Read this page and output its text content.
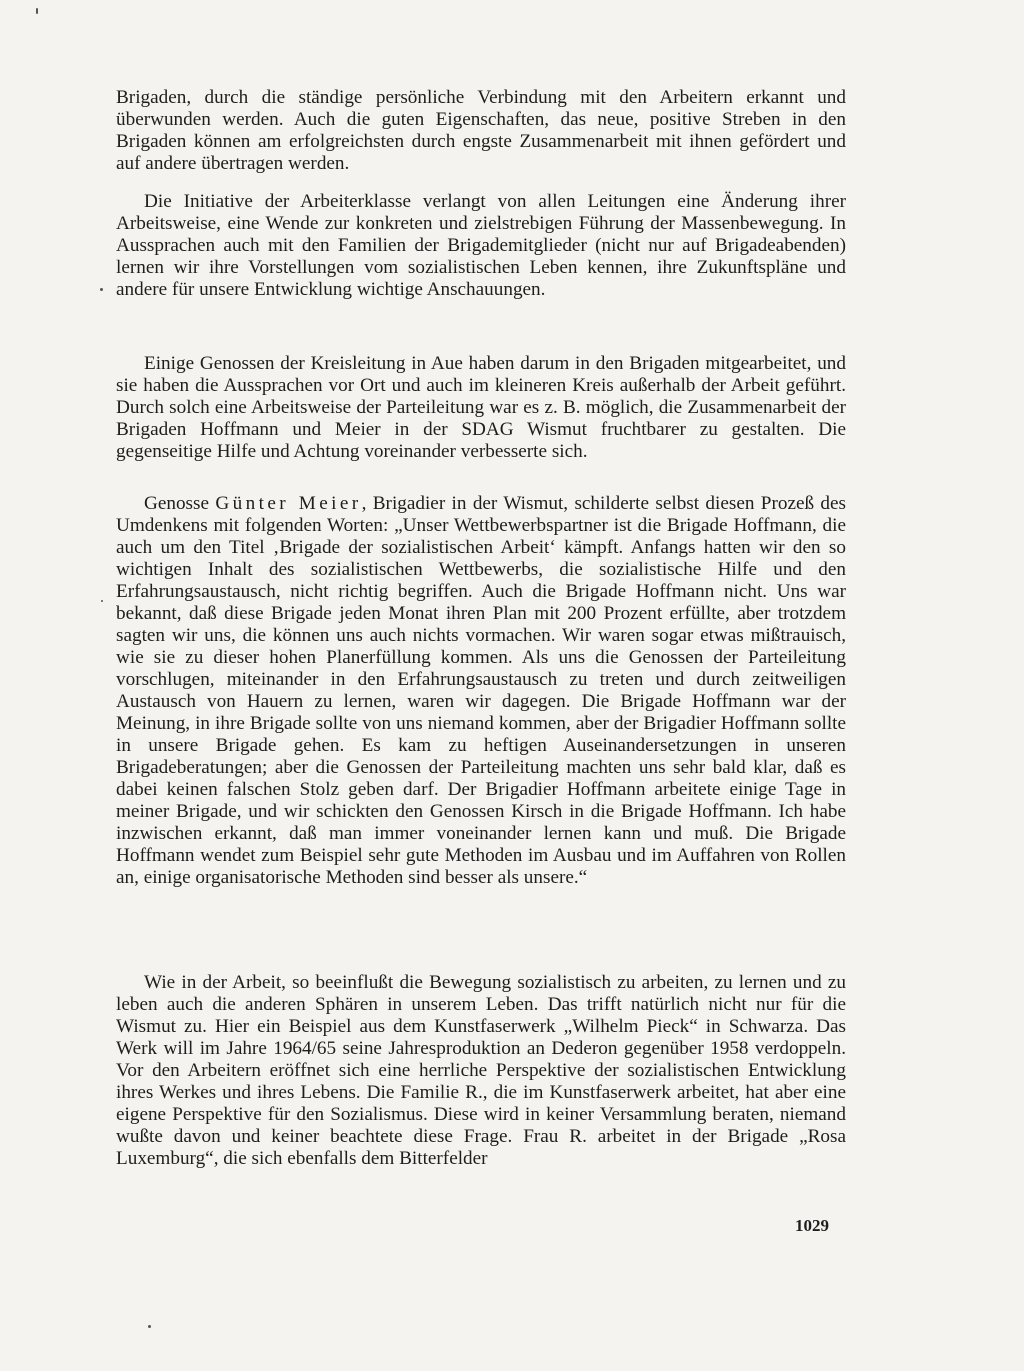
Brigaden, durch die ständige persönliche Verbindung mit den Arbeitern erkannt und überwunden werden. Auch die guten Eigenschaften, das neue, positive Streben in den Brigaden können am erfolgreichsten durch engste Zusammenarbeit mit ihnen gefördert und auf andere übertragen werden.

Die Initiative der Arbeiterklasse verlangt von allen Leitungen eine Änderung ihrer Arbeitsweise, eine Wende zur konkreten und zielstrebigen Führung der Massenbewegung. In Aussprachen auch mit den Familien der Brigademitglieder (nicht nur auf Brigadeabenden) lernen wir ihre Vorstellungen vom sozialistischen Leben kennen, ihre Zukunftspläne und andere für unsere Entwicklung wichtige Anschauungen.

Einige Genossen der Kreisleitung in Aue haben darum in den Brigaden mitgearbeitet, und sie haben die Aussprachen vor Ort und auch im kleineren Kreis außerhalb der Arbeit geführt. Durch solch eine Arbeitsweise der Parteileitung war es z. B. möglich, die Zusammenarbeit der Brigaden Hoffmann und Meier in der SDAG Wismut fruchtbarer zu gestalten. Die gegenseitige Hilfe und Achtung voreinander verbesserte sich.

Genosse Günter Meier, Brigadier in der Wismut, schilderte selbst diesen Prozeß des Umdenkens mit folgenden Worten: „Unser Wettbewerbspartner ist die Brigade Hoffmann, die auch um den Titel ‚Brigade der sozialistischen Arbeit‘ kämpft. Anfangs hatten wir den so wichtigen Inhalt des sozialistischen Wettbewerbs, die sozialistische Hilfe und den Erfahrungsaustausch, nicht richtig begriffen. Auch die Brigade Hoffmann nicht. Uns war bekannt, daß diese Brigade jeden Monat ihren Plan mit 200 Prozent erfüllte, aber trotzdem sagten wir uns, die können uns auch nichts vormachen. Wir waren sogar etwas mißtrauisch, wie sie zu dieser hohen Planerfüllung kommen. Als uns die Genossen der Parteileitung vorschlugen, miteinander in den Erfahrungsaustausch zu treten und durch zeitweiligen Austausch von Hauern zu lernen, waren wir dagegen. Die Brigade Hoffmann war der Meinung, in ihre Brigade sollte von uns niemand kommen, aber der Brigadier Hoffmann sollte in unsere Brigade gehen. Es kam zu heftigen Auseinandersetzungen in unseren Brigadeberatungen; aber die Genossen der Parteileitung machten uns sehr bald klar, daß es dabei keinen falschen Stolz geben darf. Der Brigadier Hoffmann arbeitete einige Tage in meiner Brigade, und wir schickten den Genossen Kirsch in die Brigade Hoffmann. Ich habe inzwischen erkannt, daß man immer voneinander lernen kann und muß. Die Brigade Hoffmann wendet zum Beispiel sehr gute Methoden im Ausbau und im Auffahren von Rollen an, einige organisatorische Methoden sind besser als unsere.“

Wie in der Arbeit, so beeinflußt die Bewegung sozialistisch zu arbeiten, zu lernen und zu leben auch die anderen Sphären in unserem Leben. Das trifft natürlich nicht nur für die Wismut zu. Hier ein Beispiel aus dem Kunstfaserwerk „Wilhelm Pieck“ in Schwarza. Das Werk will im Jahre 1964/65 seine Jahresproduktion an Dederon gegenüber 1958 verdoppeln. Vor den Arbeitern eröffnet sich eine herrliche Perspektive der sozialistischen Entwicklung ihres Werkes und ihres Lebens. Die Familie R., die im Kunstfaserwerk arbeitet, hat aber eine eigene Perspektive für den Sozialismus. Diese wird in keiner Versammlung beraten, niemand wußte davon und keiner beachtete diese Frage. Frau R. arbeitet in der Brigade „Rosa Luxemburg“, die sich ebenfalls dem Bitterfelder

1029
